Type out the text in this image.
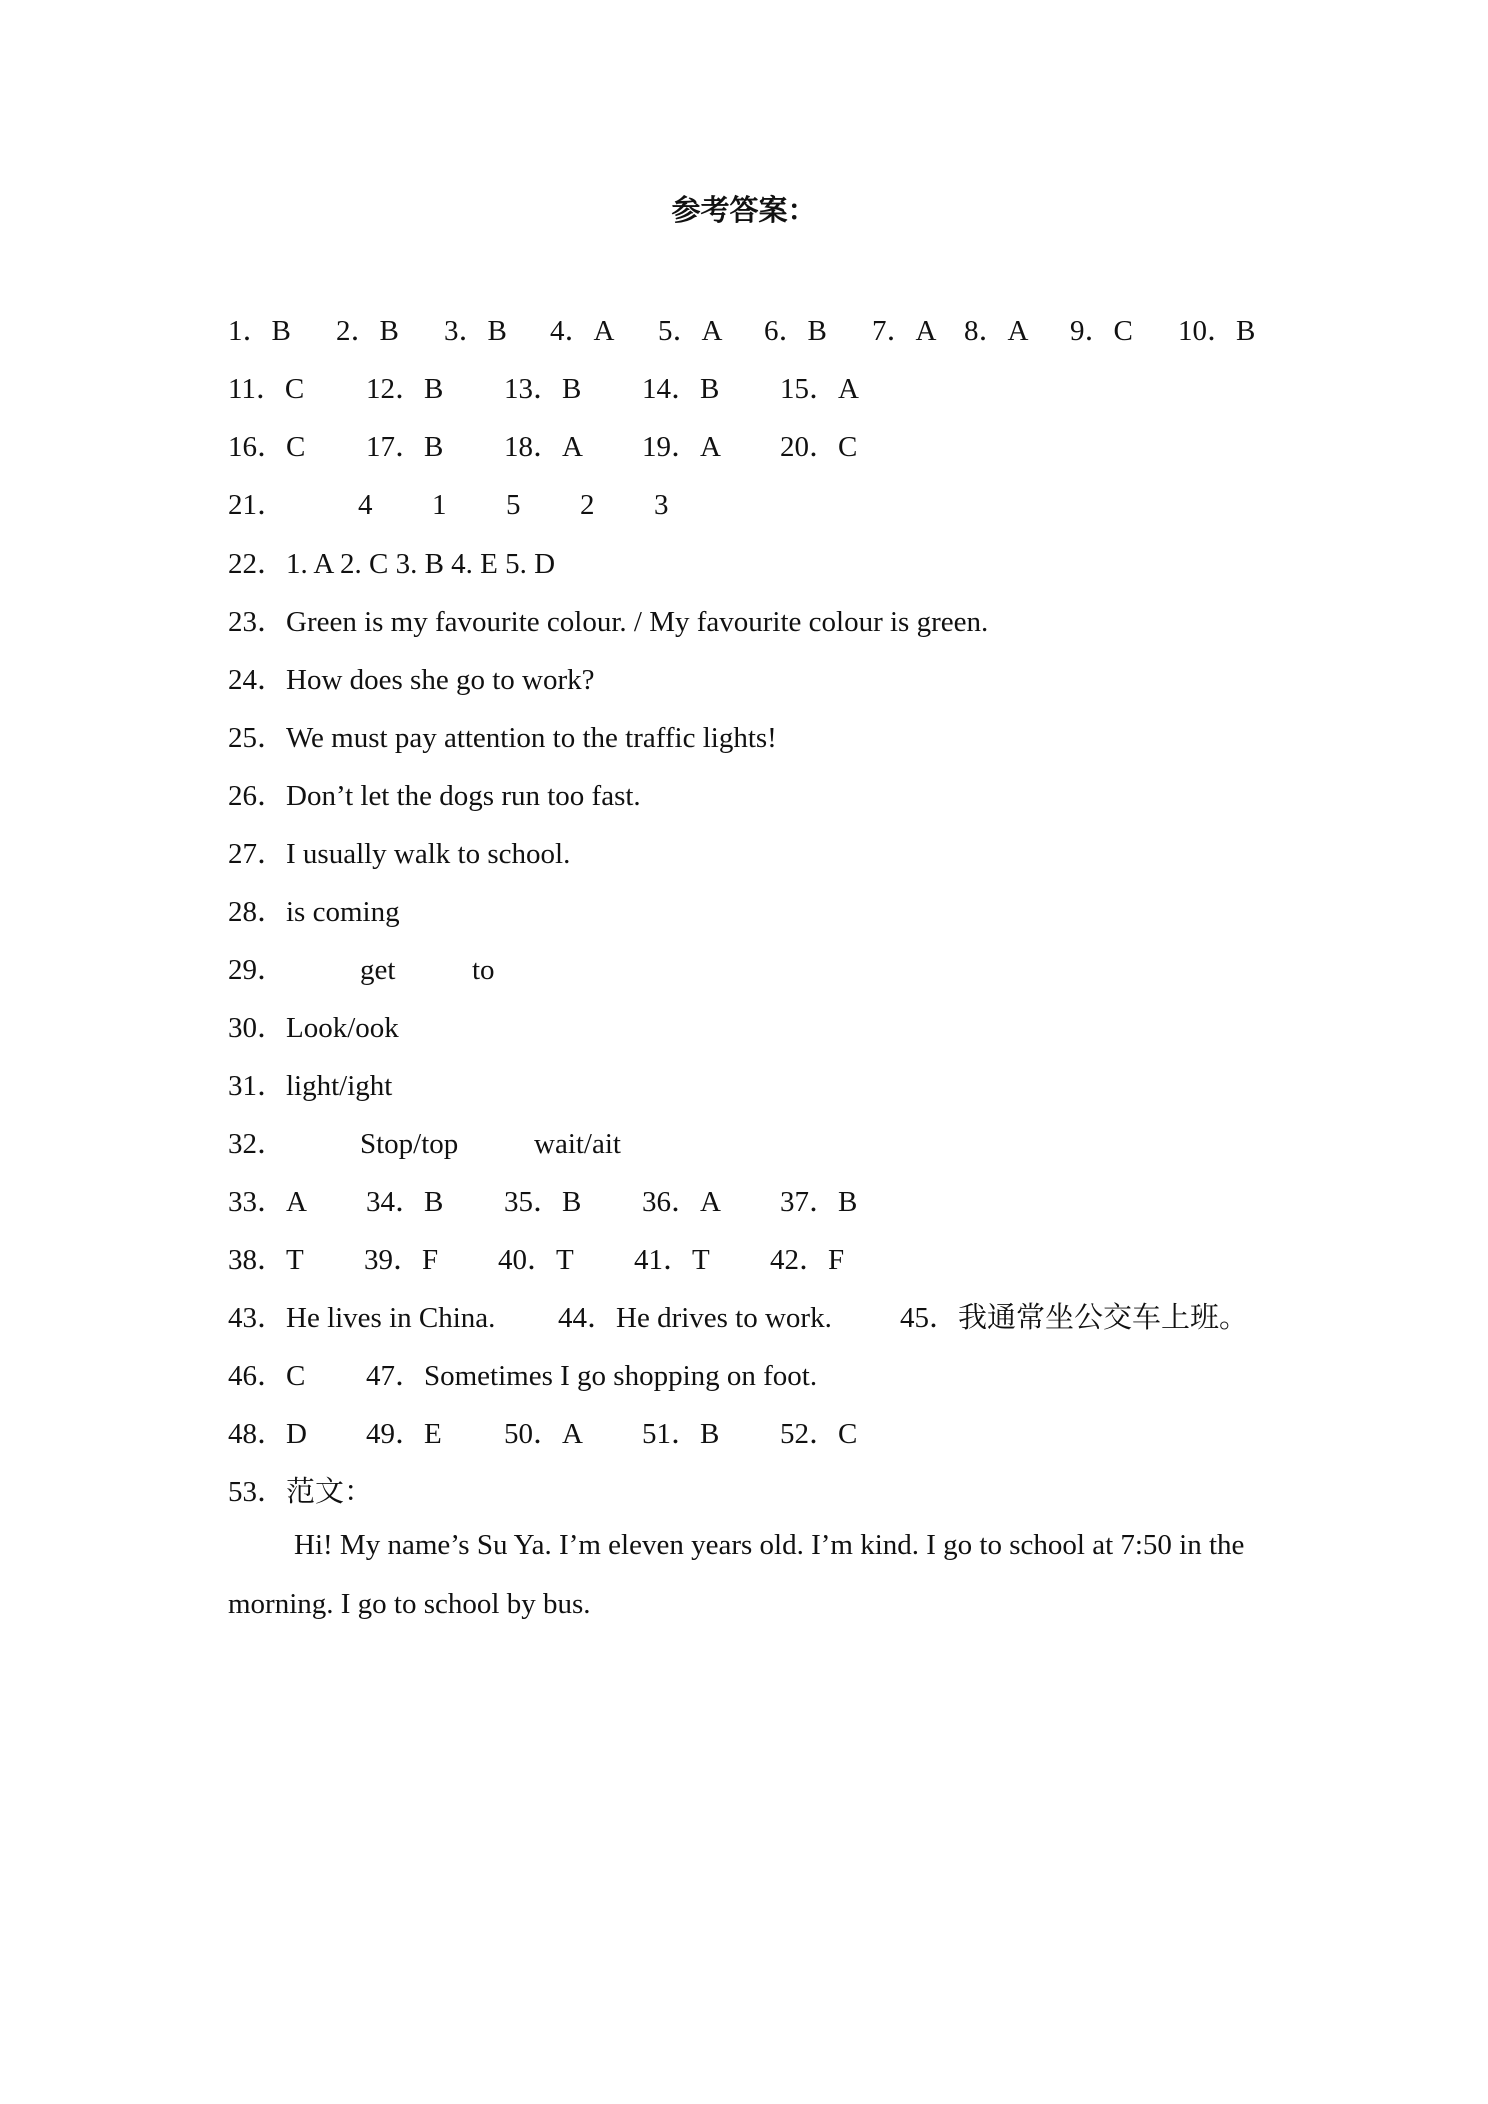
参考答案：
1．B 2．B 3．B 4．A 5．A 6．B 7．A 8．A 9．C 10．B
11．C 12．B 13．B 14．B 15．A
16．C 17．B 18．A 19．A 20．C
21． 4 1 5 2 3
22．1. A 2. C 3. B 4. E 5. D
23．Green is my favourite colour. / My favourite colour is green.
24．How does she go to work?
25．We must pay attention to the traffic lights!
26．Don’t let the dogs run too fast.
27．I usually walk to school.
28．is coming
29．	get	to
30．Look/ook
31．light/ight
32．	Stop/top	wait/ait
33．A 34．B 35．B 36．A 37．B
38．T 39．F 40．T 41．T 42．F
43．He lives in China. 44．He drives to work. 45．我通常坐公交车上班。
46．C 47．Sometimes I go shopping on foot.
48．D 49．E 50．A 51．B 52．C
53．范文：
Hi! My name’s Su Ya. I’m eleven years old. I’m kind. I go to school at 7:50 in the morning. I go to school by bus.
